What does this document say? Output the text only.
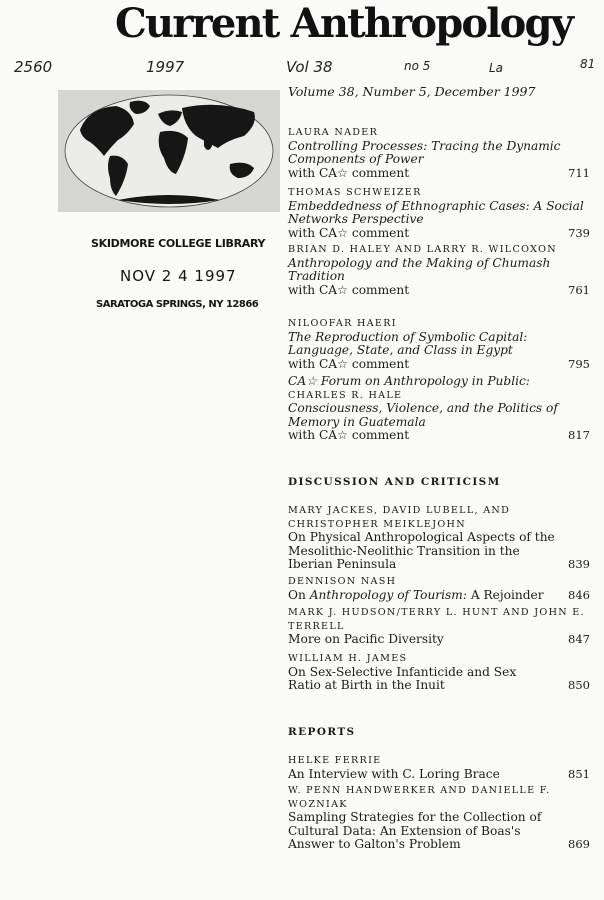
Current Anthropology
2560	1997	Vol 38	no 5	La	81
SKIDMORE COLLEGE LIBRARY
NOV 2 4 1997
SARATOGA SPRINGS, NY 12866
Volume 38, Number 5, December 1997
LAURA NADER
Controlling Processes: Tracing the Dynamic Components of Power
with CA☆ comment	711
THOMAS SCHWEIZER
Embeddedness of Ethnographic Cases: A Social Networks Perspective
with CA☆ comment	739
BRIAN D. HALEY AND LARRY R. WILCOXON
Anthropology and the Making of Chumash Tradition
with CA☆ comment	761
NILOOFAR HAERI
The Reproduction of Symbolic Capital: Language, State, and Class in Egypt
with CA☆ comment	795
CA☆ Forum on Anthropology in Public:
CHARLES R. HALE
Consciousness, Violence, and the Politics of Memory in Guatemala
with CA☆ comment	817
DISCUSSION AND CRITICISM
MARY JACKES, DAVID LUBELL, AND CHRISTOPHER MEIKLEJOHN
On Physical Anthropological Aspects of the Mesolithic-Neolithic Transition in the Iberian Peninsula	839
DENNISON NASH
On Anthropology of Tourism: A Rejoinder 846
MARK J. HUDSON/TERRY L. HUNT AND JOHN E. TERRELL
More on Pacific Diversity	847
WILLIAM H. JAMES
On Sex-Selective Infanticide and Sex Ratio at Birth in the Inuit	850
REPORTS
HELKE FERRIE
An Interview with C. Loring Brace	851
W. PENN HANDWERKER AND DANIELLE F. WOZNIAK
Sampling Strategies for the Collection of Cultural Data: An Extension of Boas's Answer to Galton's Problem	869
